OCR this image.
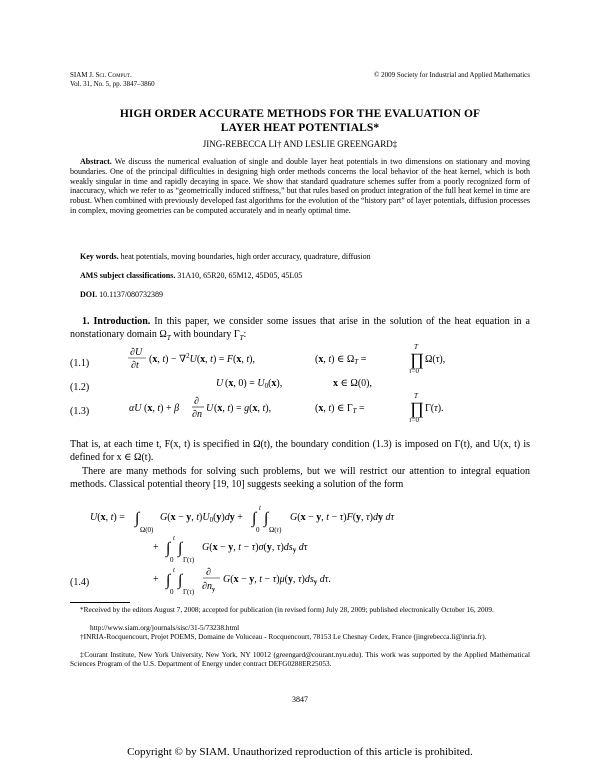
SIAM J. Sci. Comput.
Vol. 31, No. 5, pp. 3847–3860
© 2009 Society for Industrial and Applied Mathematics
HIGH ORDER ACCURATE METHODS FOR THE EVALUATION OF
LAYER HEAT POTENTIALS*
JING-REBECCA LI† AND LESLIE GREENGARD‡
Abstract. We discuss the numerical evaluation of single and double layer heat potentials in two dimensions on stationary and moving boundaries. One of the principal difficulties in designing high order methods concerns the local behavior of the heat kernel, which is both weakly singular in time and rapidly decaying in space. We show that standard quadrature schemes suffer from a poorly recognized form of inaccuracy, which we refer to as “geometrically induced stiffness,” but that rules based on product integration of the full heat kernel in time are robust. When combined with previously developed fast algorithms for the evolution of the “history part” of layer potentials, diffusion processes in complex, moving geometries can be computed accurately and in nearly optimal time.
Key words. heat potentials, moving boundaries, high order accuracy, quadrature, diffusion
AMS subject classifications. 31A10, 65R20, 65M12, 45D05, 45L05
DOI. 10.1137/080732389
1. Introduction. In this paper, we consider some issues that arise in the solution of the heat equation in a nonstationary domain $\Omega_T$ with boundary $\Gamma_T$:
(1.1)
(1.2)
(1.3)
(1.4)
∂U
∂t
(x, t) − ∇$^2$U(x, t) = F(x, t),	(x, t) ∈ $\Omega_T$ =	∏
T
τ=0
Ω(τ),
U (x, $0) = U_0(x)$,	x ∈ Ω(0),
αU (x, t) + β
∂
∂n
U (x, t) = g(x, t),	(x, t) ∈ $\Gamma_T$ =	∏
T
τ=0
Γ(τ).
That is, at each time t, F(x, t) is specified in Ω(t), the boundary condition (1.3) is imposed on Γ(t), and U(x, t) is defined for x ∈ Ω(t).
There are many methods for solving such problems, but we will restrict our attention to integral equation methods. Classical potential theory [19, 10] suggests seeking a solution of the form
U(x, t) = ∫
Ω(0)
G(x − y, $t)U_0(y)dy$ + ∫
t
0
∫
Ω(τ)
G(x − y, t − τ)F(y, τ)dy dτ
+ ∫
t
0
∫
Γ(τ)
G(x − y, t − τ)σ(y, $\tau)ds_y$ dτ
+ ∫
t
0
∫
Γ(τ)
∂
$\partial n_y$
G(x − y, t − τ)μ(y, $\tau)ds_y$ dτ.
*Received by the editors August 7, 2008; accepted for publication (in revised form) July 28, 2009; published electronically October 16, 2009.
http://www.siam.org/journals/sisc/31-5/73238.html
†INRIA-Rocquencourt, Projet POEMS, Domaine de Voluceau - Rocquencourt, 78153 Le Chesnay Cedex, France (jingrebecca.li@inria.fr).
‡Courant Institute, New York University, New York, NY 10012 (greengard@courant.nyu.edu). This work was supported by the Applied Mathematical Sciences Program of the U.S. Department of Energy under contract DEFG0288ER25053.
3847
Copyright © by SIAM. Unauthorized reproduction of this article is prohibited.
